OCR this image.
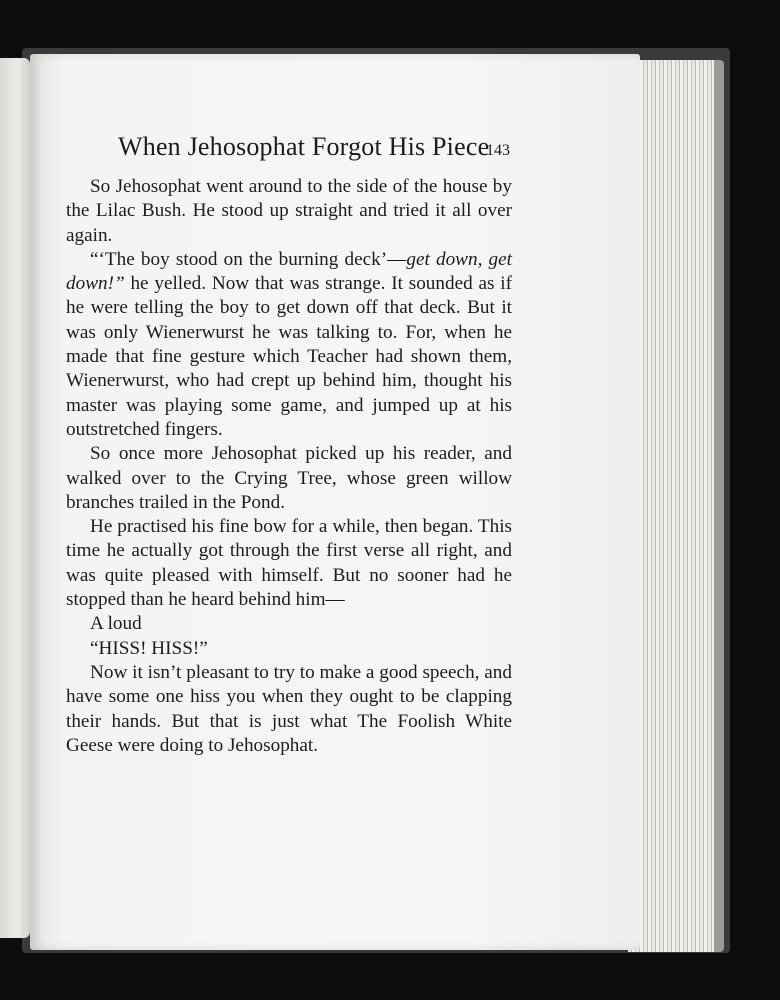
When Jehosophat Forgot His Piece
143

So Jehosophat went around to the side of the house by the Lilac Bush. He stood up straight and tried it all over again.

“‘The boy stood on the burning deck’—get down, get down!” he yelled. Now that was strange. It sounded as if he were telling the boy to get down off that deck. But it was only Wienerwurst he was talking to. For, when he made that fine gesture which Teacher had shown them, Wienerwurst, who had crept up behind him, thought his master was playing some game, and jumped up at his outstretched fingers.

So once more Jehosophat picked up his reader, and walked over to the Crying Tree, whose green willow branches trailed in the Pond.

He practised his fine bow for a while, then began. This time he actually got through the first verse all right, and was quite pleased with himself. But no sooner had he stopped than he heard behind him—

A loud

“HISS! HISS!”

Now it isn’t pleasant to try to make a good speech, and have some one hiss you when they ought to be clapping their hands. But that is just what The Foolish White Geese were doing to Jehosophat.
